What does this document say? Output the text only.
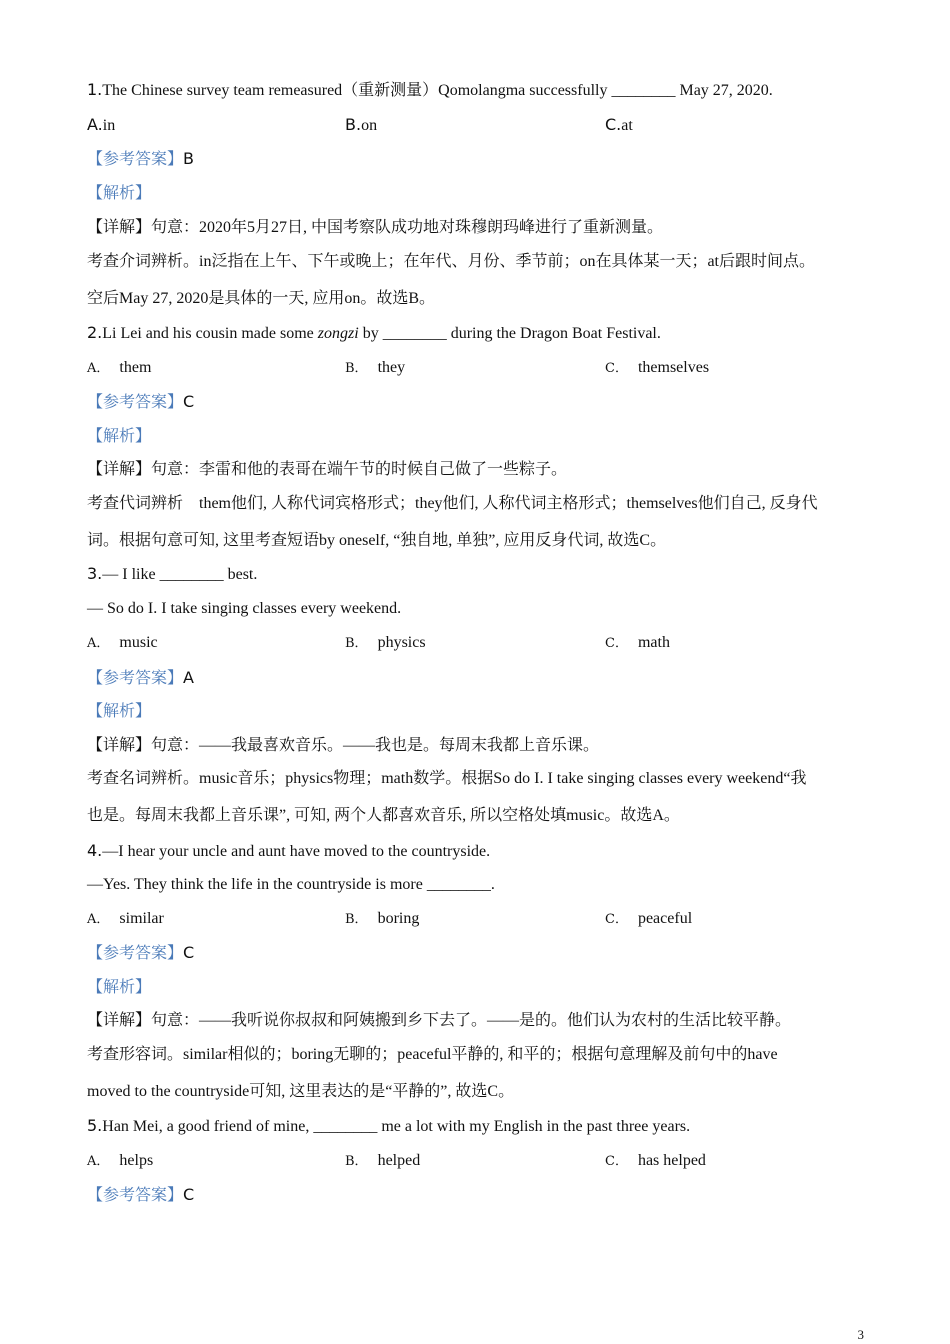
1.The Chinese survey team remeasured（重新测量）Qomolangma successfully ________ May 27, 2020.
A.in	B.on	C.at
【参考答案】B
【解析】
【详解】句意：2020年5月27日, 中国考察队成功地对珠穆朗玛峰进行了重新测量。
考查介词辨析。in泛指在上午、下午或晚上；在年代、月份、季节前；on在具体某一天；at后跟时间点。
空后May 27, 2020是具体的一天, 应用on。故选B。
2.Li Lei and his cousin made some zongzi by ________ during the Dragon Boat Festival.
A． them	B． they	C． themselves
【参考答案】C
【解析】
【详解】句意：李雷和他的表哥在端午节的时候自己做了一些粽子。
考查代词辨析　them他们, 人称代词宾格形式；they他们, 人称代词主格形式；themselves他们自己, 反身代
词。根据句意可知, 这里考查短语by oneself, “独自地, 单独”, 应用反身代词, 故选C。
3.— I like ________ best.
— So do I. I take singing classes every weekend.
A． music	B． physics	C． math
【参考答案】A
【解析】
【详解】句意：——我最喜欢音乐。——我也是。每周末我都上音乐课。
考查名词辨析。music音乐；physics物理；math数学。根据So do I. I take singing classes every weekend“我
也是。每周末我都上音乐课”, 可知, 两个人都喜欢音乐, 所以空格处填music。故选A。
4.—I hear your uncle and aunt have moved to the countryside.
—Yes. They think the life in the countryside is more ________.
A． similar	B． boring	C． peaceful
【参考答案】C
【解析】
【详解】句意：——我听说你叔叔和阿姨搬到乡下去了。——是的。他们认为农村的生活比较平静。
考查形容词。similar相似的；boring无聊的；peaceful平静的, 和平的；根据句意理解及前句中的have
moved to the countryside可知, 这里表达的是“平静的”, 故选C。
5.Han Mei, a good friend of mine, ________ me a lot with my English in the past three years.
A． helps	B． helped	C． has helped
【参考答案】C
3
